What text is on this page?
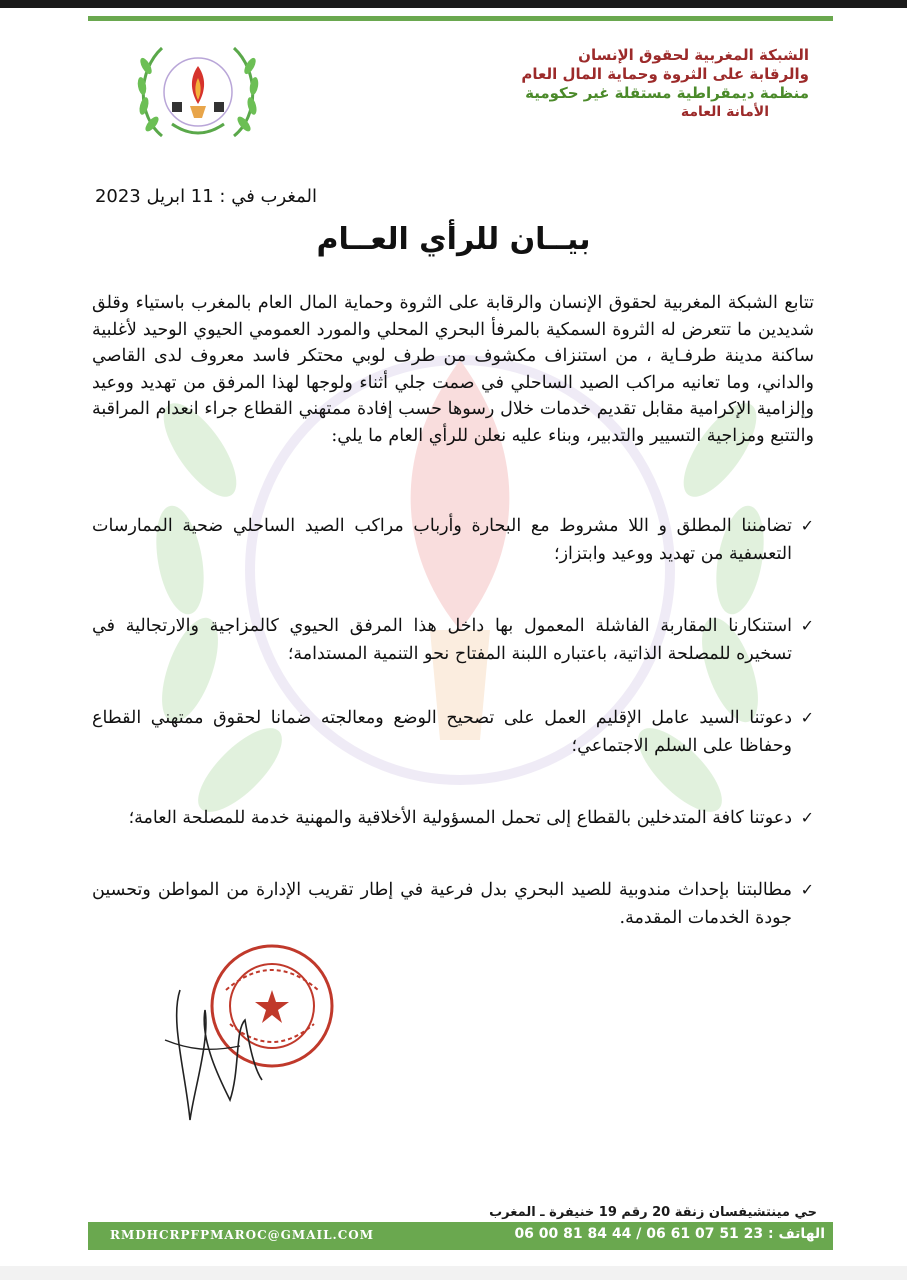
الشبكة المغربية لحقوق الإنسان
والرقابة على الثروة وحماية المال العام
منظمة ديمقراطية مستقلة غير حكومية
الأمانة العامة
المغرب في : 11 ابريل 2023
بيــان للرأي العــام
تتابع الشبكة المغربية لحقوق الإنسان والرقابة على الثروة وحماية المال العام بالمغرب باستياء وقلق شديدين ما تتعرض له الثروة السمكية بالمرفأ البحري المحلي والمورد العمومي الحيوي الوحيد لأغلبية ساكنة مدينة طرفـاية ، من استنزاف مكشوف من طرف لوبي محتكر فاسد معروف لدى القاصي والداني، وما تعانيه مراكب الصيد الساحلي في صمت جلي أثناء ولوجها لهذا المرفق من تهديد ووعيد وإلزامية الإكرامية مقابل تقديم خدمات خلال رسوها حسب إفادة ممتهني القطاع جراء انعدام المراقبة والتتبع ومزاجية التسيير والتدبير، وبناء عليه نعلن للرأي العام ما يلي:
✓
تضامننا المطلق و اللا مشروط مع البحارة وأرباب مراكب الصيد الساحلي ضحية الممارسات التعسفية من تهديد ووعيد وابتزاز؛
✓
استنكارنا المقاربة الفاشلة المعمول بها داخل هذا المرفق الحيوي كالمزاجية والارتجالية في تسخيره للمصلحة الذاتية، باعتباره اللبنة المفتاح نحو التنمية المستدامة؛
✓
دعوتنا السيد عامل الإقليم العمل على تصحيح الوضع ومعالجته ضمانا لحقوق ممتهني القطاع وحفاظا على السلم الاجتماعي؛
✓
دعوتنا كافة المتدخلين بالقطاع إلى تحمل المسؤولية الأخلاقية والمهنية خدمة للمصلحة العامة؛
✓
مطالبتنا بإحداث مندوبية للصيد البحري بدل فرعية في إطار تقريب الإدارة من المواطن وتحسين جودة الخدمات المقدمة.
حي مينتشيفسان زنقة 20 رقم 19 خنيفرة ـ المغرب
RMDHCRPFPMAROC@GMAIL.COM	الهاتف : 23 51 07 61 06 / 44 84 81 00 06
